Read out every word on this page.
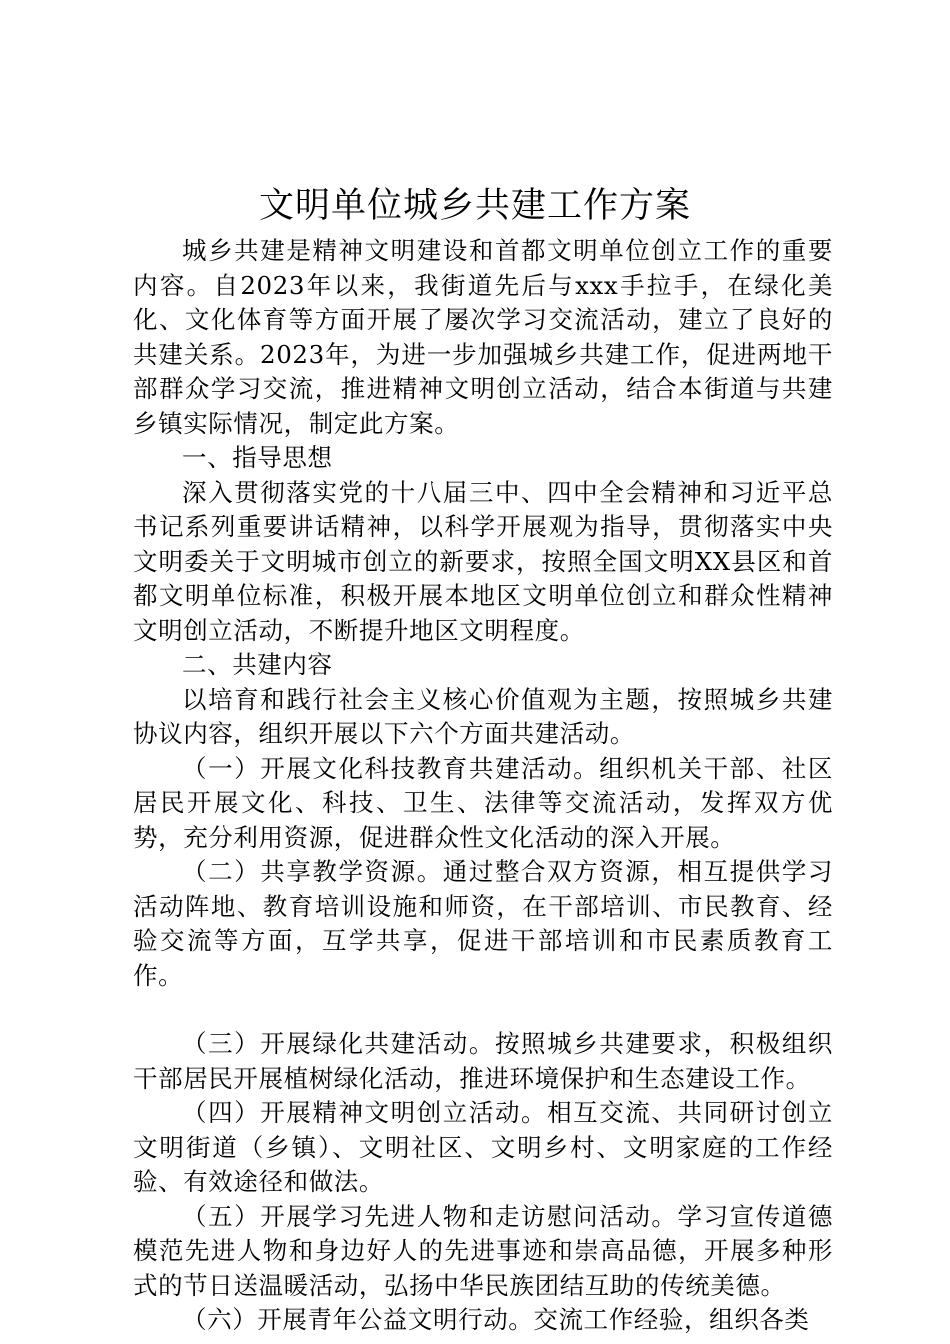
文明单位城乡共建工作方案

城乡共建是精神文明建设和首都文明单位创立工作的重要内容。自2023年以来，我街道先后与xxx手拉手，在绿化美化、文化体育等方面开展了屡次学习交流活动，建立了良好的共建关系。2023年，为进一步加强城乡共建工作，促进两地干部群众学习交流，推进精神文明创立活动，结合本街道与共建乡镇实际情况，制定此方案。

一、指导思想

深入贯彻落实党的十八届三中、四中全会精神和习近平总书记系列重要讲话精神，以科学开展观为指导，贯彻落实中央文明委关于文明城市创立的新要求，按照全国文明XX县区和首都文明单位标准，积极开展本地区文明单位创立和群众性精神文明创立活动，不断提升地区文明程度。

二、共建内容

以培育和践行社会主义核心价值观为主题，按照城乡共建协议内容，组织开展以下六个方面共建活动。

（一）开展文化科技教育共建活动。组织机关干部、社区居民开展文化、科技、卫生、法律等交流活动，发挥双方优势，充分利用资源，促进群众性文化活动的深入开展。

（二）共享教学资源。通过整合双方资源，相互提供学习活动阵地、教育培训设施和师资，在干部培训、市民教育、经验交流等方面，互学共享，促进干部培训和市民素质教育工作。

（三）开展绿化共建活动。按照城乡共建要求，积极组织干部居民开展植树绿化活动，推进环境保护和生态建设工作。

（四）开展精神文明创立活动。相互交流、共同研讨创立文明街道（乡镇）、文明社区、文明乡村、文明家庭的工作经验、有效途径和做法。

（五）开展学习先进人物和走访慰问活动。学习宣传道德模范先进人物和身边好人的先进事迹和崇高品德，开展多种形式的节日送温暖活动，弘扬中华民族团结互助的传统美德。

（六）开展青年公益文明行动。交流工作经验，组织各类
